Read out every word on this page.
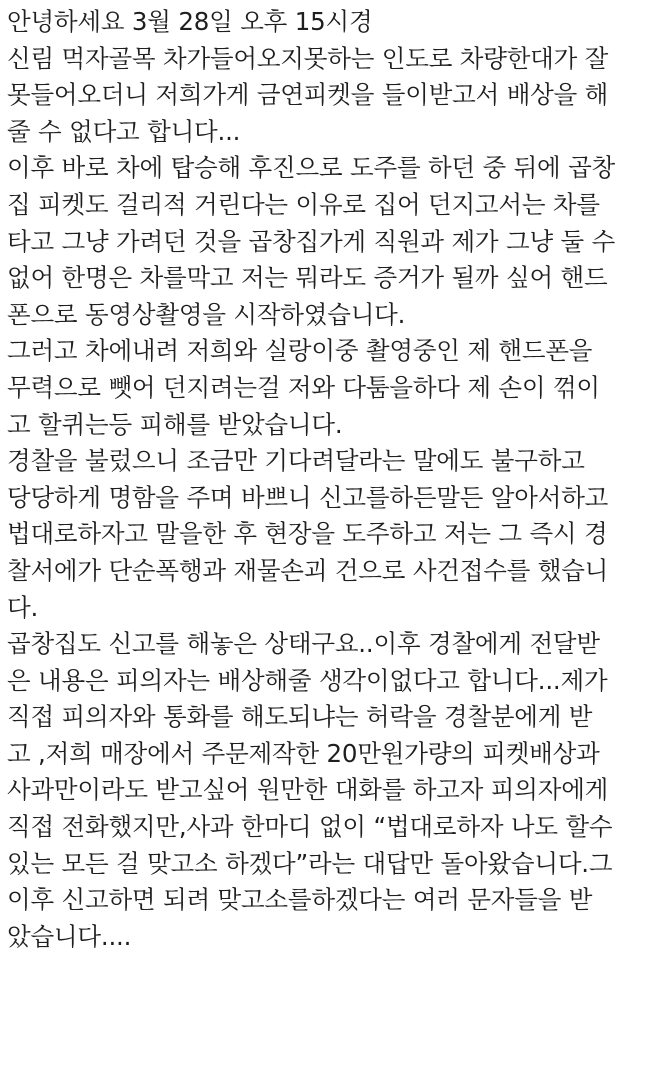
안녕하세요 3월 28일 오후 15시경
신림 먹자골목 차가들어오지못하는 인도로 차량한대가 잘
못들어오더니 저희가게 금연피켓을 들이받고서 배상을 해
줄 수 없다고 합니다...
이후 바로 차에 탑승해 후진으로 도주를 하던 중 뒤에 곱창
집 피켓도 걸리적 거린다는 이유로 집어 던지고서는 차를
타고 그냥 가려던 것을 곱창집가게 직원과 제가 그냥 둘 수
없어 한명은 차를막고 저는 뭐라도 증거가 될까 싶어 핸드
폰으로 동영상촬영을 시작하였습니다.
그러고 차에내려 저희와 실랑이중 촬영중인 제 핸드폰을
무력으로 뺏어 던지려는걸 저와 다툼을하다 제 손이 꺾이
고 할퀴는등 피해를 받았습니다.
경찰을 불렀으니 조금만 기다려달라는 말에도 불구하고
당당하게 명함을 주며 바쁘니 신고를하든말든 알아서하고
법대로하자고 말을한 후 현장을 도주하고 저는 그 즉시 경
찰서에가 단순폭행과 재물손괴 건으로 사건접수를 했습니
다.
곱창집도 신고를 해놓은 상태구요..이후 경찰에게 전달받
은 내용은 피의자는 배상해줄 생각이없다고 합니다...제가
직접 피의자와 통화를 해도되냐는 허락을 경찰분에게 받
고 ,저희 매장에서 주문제작한 20만원가량의 피켓배상과
사과만이라도 받고싶어 원만한 대화를 하고자 피의자에게
직접 전화했지만,사과 한마디 없이 “법대로하자 나도 할수
있는 모든 걸 맞고소 하겠다”라는 대답만 돌아왔습니다.그
이후 신고하면 되려 맞고소를하겠다는 여러 문자들을 받
았습니다....
